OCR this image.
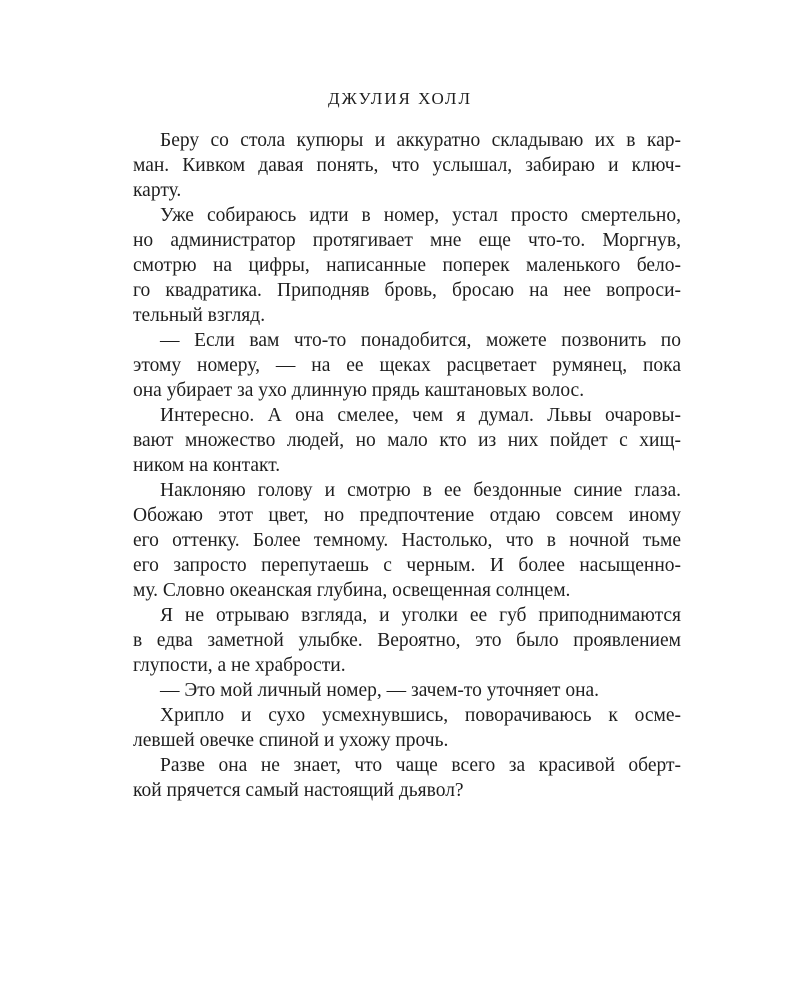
ДЖУЛИЯ ХОЛЛ
Беру со стола купюры и аккуратно складываю их в кар-
ман. Кивком давая понять, что услышал, забираю и ключ-
карту.
Уже собираюсь идти в номер, устал просто смертельно,
но администратор протягивает мне еще что-то. Моргнув,
смотрю на цифры, написанные поперек маленького бело-
го квадратика. Приподняв бровь, бросаю на нее вопроси-
тельный взгляд.
— Если вам что-то понадобится, можете позвонить по
этому номеру, — на ее щеках расцветает румянец, пока
она убирает за ухо длинную прядь каштановых волос.
Интересно. А она смелее, чем я думал. Львы очаровы-
вают множество людей, но мало кто из них пойдет с хищ-
ником на контакт.
Наклоняю голову и смотрю в ее бездонные синие глаза.
Обожаю этот цвет, но предпочтение отдаю совсем иному
его оттенку. Более темному. Настолько, что в ночной тьме
его запросто перепутаешь с черным. И более насыщенно-
му. Словно океанская глубина, освещенная солнцем.
Я не отрываю взгляда, и уголки ее губ приподнимаются
в едва заметной улыбке. Вероятно, это было проявлением
глупости, а не храбрости.
— Это мой личный номер, — зачем-то уточняет она.
Хрипло и сухо усмехнувшись, поворачиваюсь к осме-
левшей овечке спиной и ухожу прочь.
Разве она не знает, что чаще всего за красивой оберт-
кой прячется самый настоящий дьявол?
